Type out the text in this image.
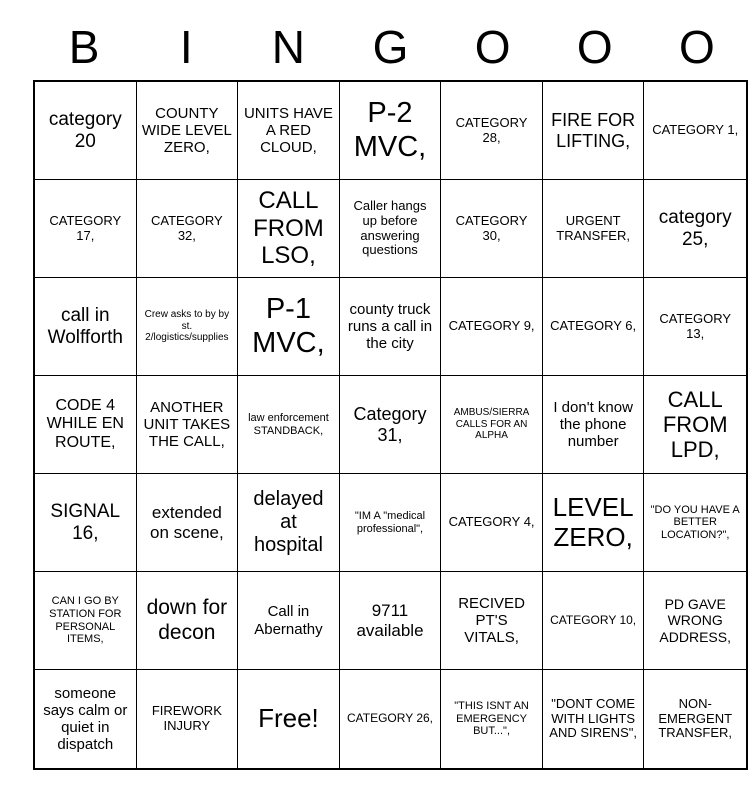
B	I	N	G	O	O	O
category 20
COUNTY WIDE LEVEL ZERO,
UNITS HAVE A RED CLOUD,
P-2 MVC,
CATEGORY 28,
FIRE FOR LIFTING,
CATEGORY 1,
CATEGORY 17,
CATEGORY 32,
CALL FROM LSO,
Caller hangs up before answering questions
CATEGORY 30,
URGENT TRANSFER,
category 25,
call in Wolfforth
Crew asks to by by st. 2/logistics/supplies
P-1 MVC,
county truck runs a call in the city
CATEGORY 9, CATEGORY 6,	CATEGORY 13,
CODE 4 WHILE EN ROUTE,
ANOTHER UNIT TAKES THE CALL,
law enforcement STANDBACK,
Category 31,
AMBUS/SIERRA CALLS FOR AN ALPHA
I don't know the phone number
CALL FROM LPD,
SIGNAL 16,
extended on scene,
delayed at hospital
"IM A "medical professional",	CATEGORY 4, LEVEL ZERO,
"DO YOU HAVE A BETTER LOCATION?",
CAN I GO BY STATION FOR PERSONAL ITEMS,
down for decon
Call in Abernathy
9711 available
RECIVED PT'S VITALS,
CATEGORY 10,
PD GAVE WRONG ADDRESS,
someone says calm or quiet in dispatch
FIREWORK INJURY	Free! CATEGORY 26,
"THIS ISNT AN EMERGENCY BUT...",
"DONT COME WITH LIGHTS AND SIRENS",
NON-EMERGENT TRANSFER,
